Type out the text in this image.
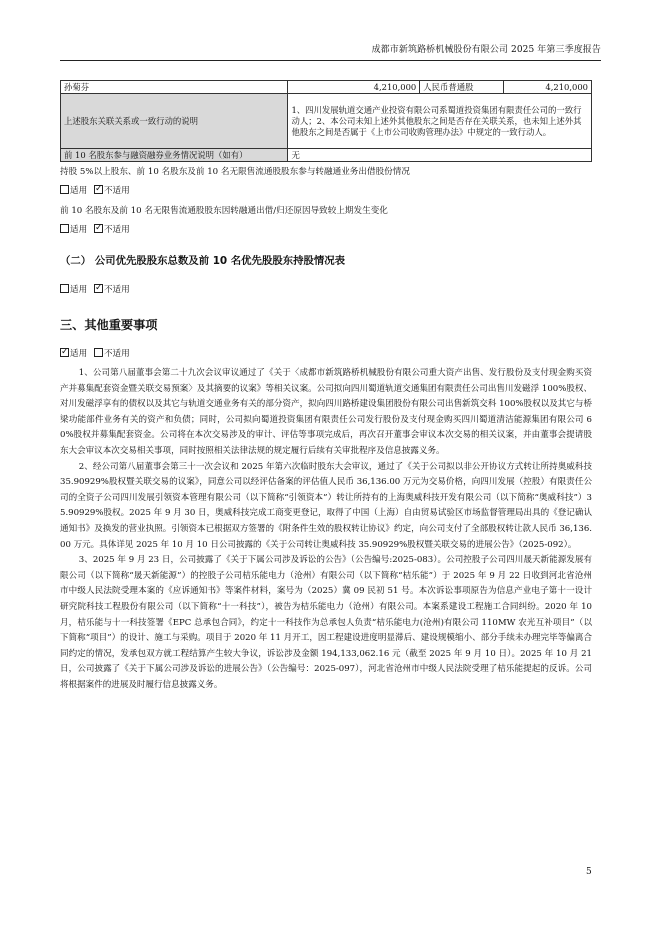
成都市新筑路桥机械股份有限公司 2025 年第三季度报告
孙菊芬	4,210,000	人民币普通股	4,210,000
上述股东关联关系或一致行动的说明	1、四川发展轨道交通产业投资有限公司系蜀道投资集团有限责任公司的一致行动人；2、本公司未知上述外其他股东之间是否存在关联关系，也未知上述外其他股东之间是否属于《上市公司收购管理办法》中规定的一致行动人。		

前 10 名股东参与融资融券业务情况说明（如有）	无		
持股 5%以上股东、前 10 名股东及前 10 名无限售流通股股东参与转融通业务出借股份情况
适用 ✓ 不适用
前 10 名股东及前 10 名无限售流通股股东因转融通出借/归还原因导致较上期发生变化
适用 ✓ 不适用
（二） 公司优先股股东总数及前 10 名优先股股东持股情况表
适用 ✓ 不适用
三、其他重要事项
✓适用 不适用

1、公司第八届董事会第二十九次会议审议通过了《关于〈成都市新筑路桥机械股份有限公司重大资产出售、发行股份及支付现金购买资产并募集配套资金暨关联交易预案〉及其摘要的议案》等相关议案。公司拟向四川蜀道轨道交通集团有限责任公司出售川发磁浮 100%股权、对川发磁浮享有的债权以及其它与轨道交通业务有关的部分资产，拟向四川路桥建设集团股份有限公司出售新筑交科 100%股权以及其它与桥梁功能部件业务有关的资产和负债；同时，公司拟向蜀道投资集团有限责任公司发行股份及支付现金购买四川蜀道清洁能源集团有限公司 60%股权并募集配套资金。公司将在本次交易涉及的审计、评估等事项完成后，再次召开董事会审议本次交易的相关议案，并由董事会提请股东大会审议本次交易相关事项，同时按照相关法律法规的规定履行后续有关审批程序及信息披露义务。

2、经公司第八届董事会第三十一次会议和 2025 年第六次临时股东大会审议，通过了《关于公司拟以非公开协议方式转让所持奥威科技 35.90929%股权暨关联交易的议案》，同意公司以经评估备案的评估值人民币 36,136.00 万元为交易价格，向四川发展（控股）有限责任公司的全资子公司四川发展引领资本管理有限公司（以下简称“引领资本”）转让所持有的上海奥威科技开发有限公司（以下简称“奥威科技”）35.90929%股权。2025 年 9 月 30 日，奥威科技完成工商变更登记，取得了中国（上海）自由贸易试验区市场监督管理局出具的《登记确认通知书》及换发的营业执照。引领资本已根据双方签署的《附条件生效的股权转让协议》约定，向公司支付了全部股权转让款人民币 36,136.00 万元。具体详见 2025 年 10 月 10 日公司披露的《关于公司转让奥威科技 35.90929%股权暨关联交易的进展公告》（2025-092）。

3、2025 年 9 月 23 日，公司披露了《关于下属公司涉及诉讼的公告》（公告编号:2025-083）。公司控股子公司四川晟天新能源发展有限公司（以下简称“晟天新能源”）的控股子公司桔乐能电力（沧州）有限公司（以下简称“桔乐能”）于 2025 年 9 月 22 日收到河北省沧州市中级人民法院受理本案的《应诉通知书》等案件材料，案号为（2025）冀 09 民初 51 号。本次诉讼事项原告为信息产业电子第十一设计研究院科技工程股份有限公司（以下简称“十一科技”），被告为桔乐能电力（沧州）有限公司。本案系建设工程施工合同纠纷。2020 年 10 月，桔乐能与十一科技签署《EPC 总承包合同》，约定十一科技作为总承包人负责“桔乐能电力(沧州)有限公司 110MW 农光互补项目”（以下简称“项目”）的设计、施工与采购。项目于 2020 年 11 月开工，因工程建设进度明显滞后、建设规模缩小、部分手续未办理完毕等偏离合同约定的情况，发承包双方就工程结算产生较大争议，诉讼涉及金额 194,133,062.16 元（截至 2025 年 9 月 10 日）。2025 年 10 月 21 日，公司披露了《关于下属公司涉及诉讼的进展公告》（公告编号：2025-097），河北省沧州市中级人民法院受理了桔乐能提起的反诉。公司将根据案件的进展及时履行信息披露义务。

5
